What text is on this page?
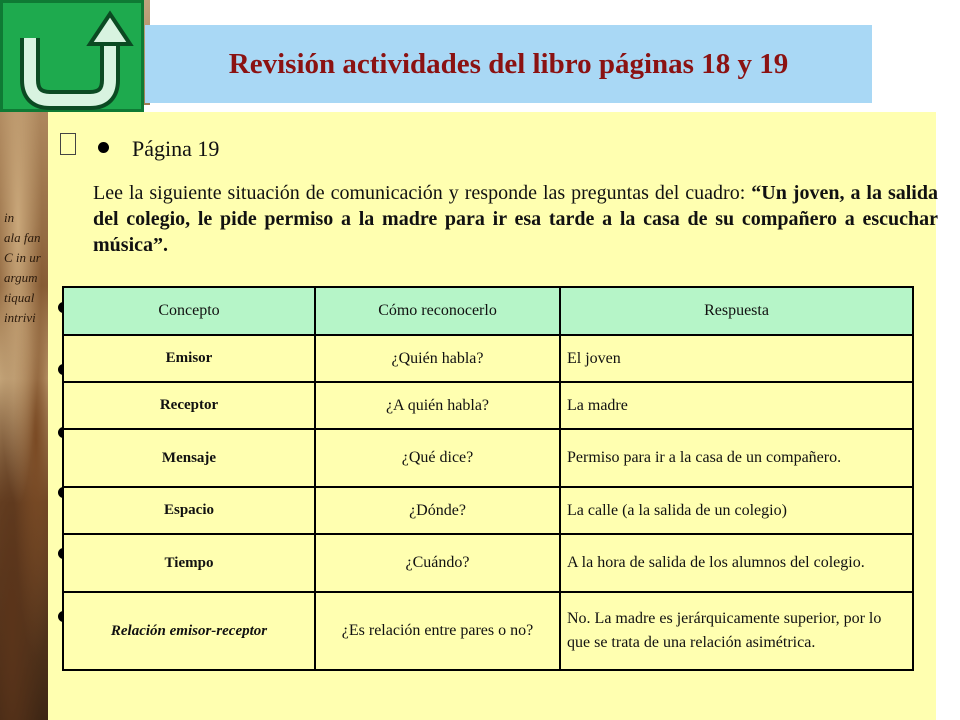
in
ala fan
C in ur
argum
tiqual
intrivi
Revisión actividades del libro páginas 18 y 19
Página 19
Lee la siguiente situación de comunicación y responde las preguntas del cuadro: “Un joven, a la salida del colegio, le pide permiso a la madre para ir esa tarde a la casa de su compañero a escuchar música”.
Concepto	Cómo reconocerlo	Respuesta
Emisor	¿Quién habla?	El joven
Receptor	¿A quién habla?	La madre
Mensaje	¿Qué dice?	Permiso para ir a la casa de un compañero.
Espacio	¿Dónde?	La calle (a la salida de un colegio)
Tiempo	¿Cuándo?	A la hora de salida de los alumnos del colegio.
Relación emisor-receptor	¿Es relación entre pares o no?	No. La madre es jerárquicamente superior, por lo que se trata de una relación asimétrica.
